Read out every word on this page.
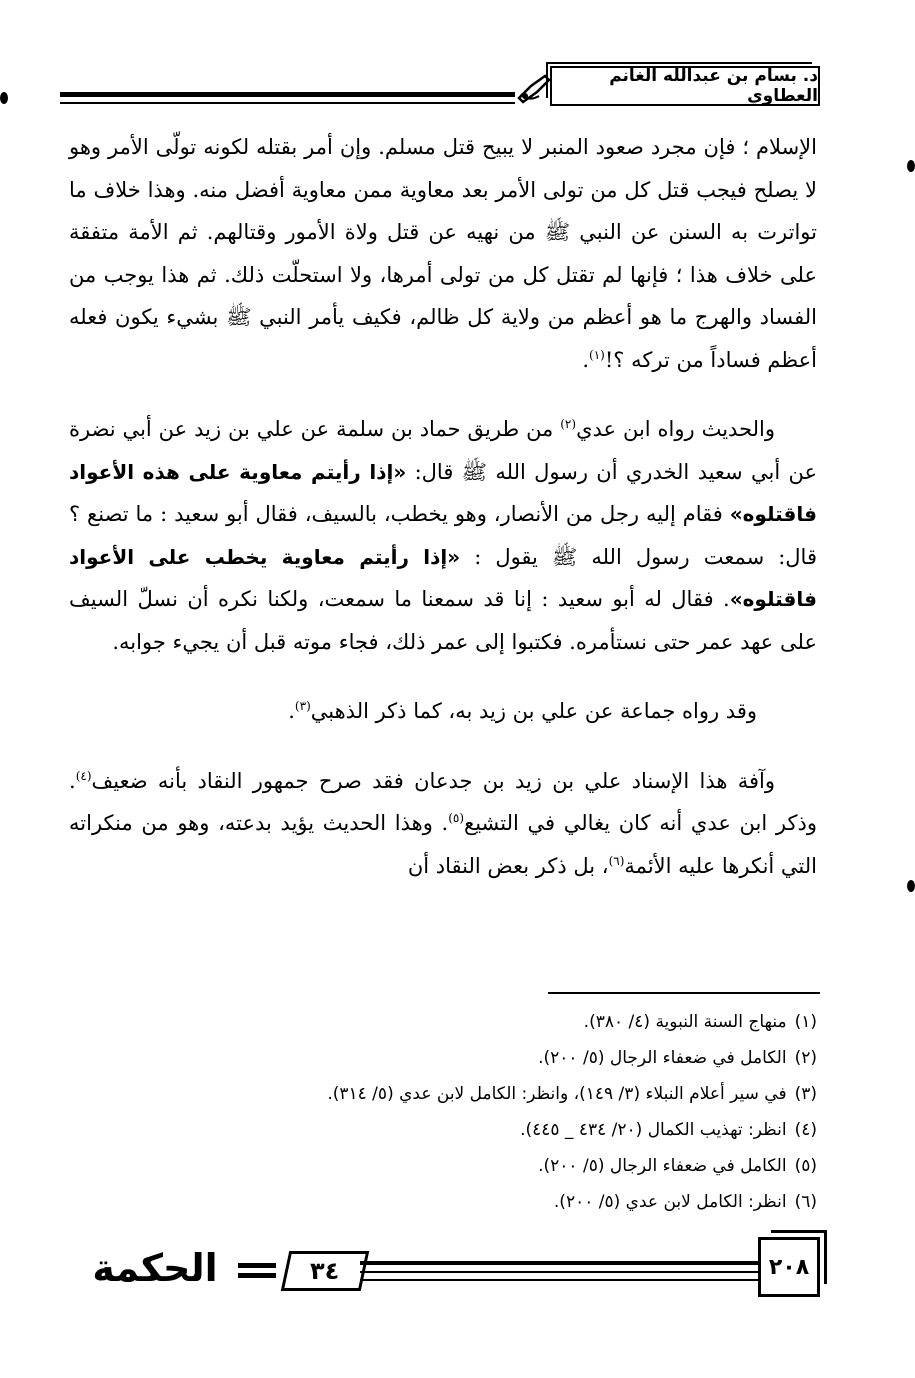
د. بسام بن عبدالله الغانم العطاوي

الإسلام ؛ فإن مجرد صعود المنبر لا يبيح قتل مسلم. وإن أمر بقتله لكونه تولّى الأمر وهو لا يصلح فيجب قتل كل من تولى الأمر بعد معاوية ممن معاوية أفضل منه. وهذا خلاف ما تواترت به السنن عن النبي ﷺ من نهيه عن قتل ولاة الأمور وقتالهم. ثم الأمة متفقة على خلاف هذا ؛ فإنها لم تقتل كل من تولى أمرها، ولا استحلّت ذلك. ثم هذا يوجب من الفساد والهرج ما هو أعظم من ولاية كل ظالم، فكيف يأمر النبي ﷺ بشيء يكون فعله أعظم فساداً من تركه ؟!$^{(١)}$.

والحديث رواه ابن عدي$^{(٢)}$ من طريق حماد بن سلمة عن علي بن زيد عن أبي نضرة عن أبي سعيد الخدري أن رسول الله ﷺ قال: «إذا رأيتم معاوية على هذه الأعواد فاقتلوه» فقام إليه رجل من الأنصار، وهو يخطب، بالسيف، فقال أبو سعيد : ما تصنع ؟ قال: سمعت رسول الله ﷺ يقول : «إذا رأيتم معاوية يخطب على الأعواد فاقتلوه». فقال له أبو سعيد : إنا قد سمعنا ما سمعت، ولكنا نكره أن نسلّ السيف على عهد عمر حتى نستأمره. فكتبوا إلى عمر ذلك، فجاء موته قبل أن يجيء جوابه.

وقد رواه جماعة عن علي بن زيد به، كما ذكر الذهبي$^{(٣)}$.

وآفة هذا الإسناد علي بن زيد بن جدعان فقد صرح جمهور النقاد بأنه ضعيف$^{(٤)}$. وذكر ابن عدي أنه كان يغالي في التشيع$^{(٥)}$. وهذا الحديث يؤيد بدعته، وهو من منكراته التي أنكرها عليه الأئمة$^{(٦)}$، بل ذكر بعض النقاد أن

(١)منهاج السنة النبوية (٤/ ٣٨٠).
(٢)الكامل في ضعفاء الرجال (٥/ ٢٠٠).
(٣)في سير أعلام النبلاء (٣/ ١٤٩)، وانظر: الكامل لابن عدي (٥/ ٣١٤).
(٤)انظر: تهذيب الكمال (٢٠/ ٤٣٤ _ ٤٤٥).
(٥)الكامل في ضعفاء الرجال (٥/ ٢٠٠).
(٦)انظر: الكامل لابن عدي (٥/ ٢٠٠).
٢٠٨
٣٤
الحكمة
